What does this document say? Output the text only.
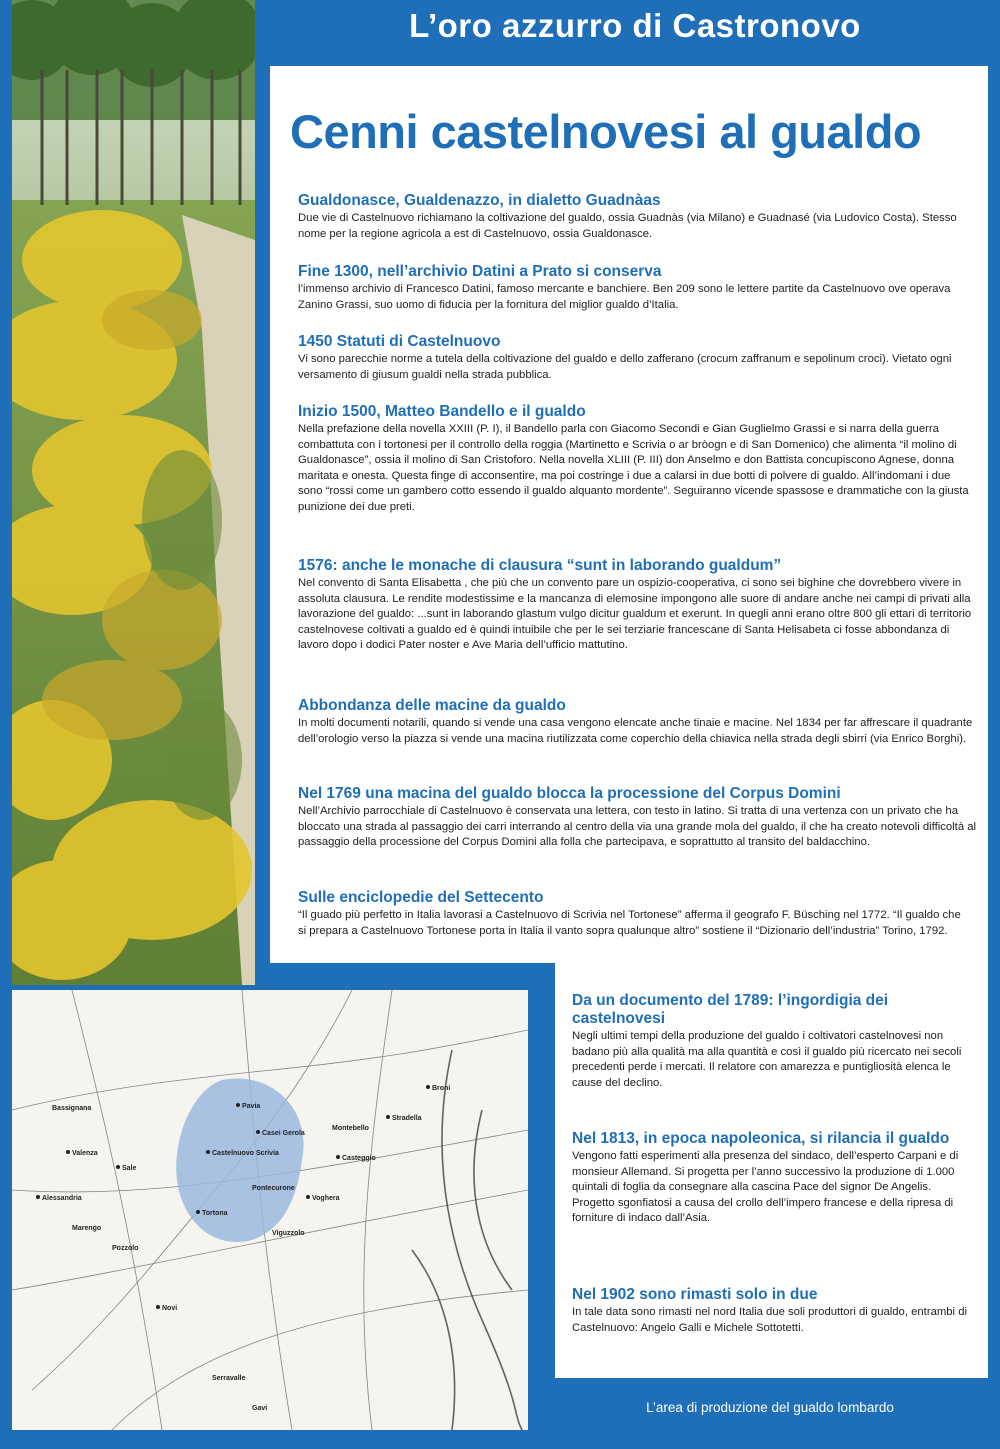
L’oro azzurro di Castronovo
Cenni castelnovesi al gualdo
Gualdonasce, Gualdenazzo, in dialetto Guadnàas

Due vie di Castelnuovo richiamano la coltivazione del gualdo, ossia Guadnàs (via Milano) e Guadnasé (via Ludovico Costa). Stesso nome per la regione agricola a est di Castelnuovo, ossia Gualdonasce.

Fine 1300, nell’archivio Datini a Prato si conserva

l’immenso archivio di Francesco Datini, famoso mercante e banchiere. Ben 209 sono le lettere partite da Castelnuovo ove operava Zanino Grassi, suo uomo di fiducia per la fornitura del miglior gualdo d’Italia.

1450 Statuti di Castelnuovo

Vi sono parecchie norme a tutela della coltivazione del gualdo e dello zafferano (crocum zaffranum e sepolinum croci). Vietato ogni versamento di giusum gualdi nella strada pubblica.

Inizio 1500, Matteo Bandello e il gualdo

Nella prefazione della novella XXIII (P. I), il Bandello parla con Giacomo Secondi e Gian Guglielmo Grassi e si narra della guerra combattuta con i tortonesi per il controllo della roggia (Martinetto e Scrivia o ar bròogn e di San Domenico) che alimenta “il molino di Gualdonasce”, ossia il molino di San Cristoforo. Nella novella XLIII (P. III) don Anselmo e don Battista concupiscono Agnese, donna maritata e onesta. Questa finge di acconsentire, ma poi costringe i due a calarsi in due botti di polvere di gualdo. All’indomani i due sono “rossi come un gambero cotto essendo il gualdo alquanto mordente”. Seguiranno vicende spassose e drammatiche con la giusta punizione dei due preti.

1576: anche le monache di clausura “sunt in laborando gualdum”

Nel convento di Santa Elisabetta , che più che un convento pare un ospizio-cooperativa, ci sono sei bighine che dovrebbero vivere in assoluta clausura. Le rendite modestissime e la mancanza di elemosine impongono alle suore di andare anche nei campi di privati alla lavorazione del gualdo: ...sunt in laborando glastum vulgo dicitur gualdum et exerunt. In quegli anni erano oltre 800 gli ettari di territorio castelnovese coltivati a gualdo ed è quindi intuibile che per le sei terziarie francescane di Santa Helisabeta ci fosse abbondanza di lavoro dopo i dodici Pater noster e Ave Maria dell’ufficio mattutino.

Abbondanza delle macine da gualdo

In molti documenti notarili, quando si vende una casa vengono elencate anche tinaie e macine. Nel 1834 per far affrescare il quadrante dell’orologio verso la piazza si vende una macina riutilizzata come coperchio della chiavica nella strada degli sbirri (via Enrico Borghi).

Nel 1769 una macina del gualdo blocca la processione del Corpus Domini

Nell’Archivio parrocchiale di Castelnuovo è conservata una lettera, con testo in latino. Si tratta di una vertenza con un privato che ha bloccato una strada al passaggio dei carri interrando al centro della via una grande mola del gualdo, il che ha creato notevoli difficoltà al passaggio della processione del Corpus Domini alla folla che partecipava, e soprattutto al transito del baldacchino.

Sulle enciclopedie del Settecento

“Il guado più perfetto in Italia lavorasi a Castelnuovo di Scrivia nel Tortonese” afferma il geografo F. Büsching nel 1772. “Il gualdo che si prepara a Castelnuovo Tortonese porta in Italia il vanto sopra qualunque altro” sostiene il “Dizionario dell’industria” Torino, 1792.

Da un documento del 1789: l’ingordigia dei castelnovesi

Negli ultimi tempi della produzione del gualdo i coltivatori castelnovesi non badano più alla qualità ma alla quantità e così il gualdo più ricercato nei secoli precedenti perde i mercati. Il relatore con amarezza e puntigliosità elenca le cause del declino.

Nel 1813, in epoca napoleonica, si rilancia il gualdo

Vengono fatti esperimenti alla presenza del sindaco, dell’esperto Carpani e di monsieur Allemand. Si progetta per l’anno successivo la produzione di 1.000 quintali di foglia da consegnare alla cascina Pace del signor De Angelis. Progetto sgonfiatosi a causa del crollo dell’impero francese e della ripresa di forniture di indaco dall’Asia.

Nel 1902 sono rimasti solo in due

In tale data sono rimasti nel nord Italia due soli produttori di gualdo, entrambi di Castelnuovo: Angelo Galli e Michele Sottotetti.

Pavia
Voghera
Tortona
Alessandria
Valenza
Sale
Castelnuovo Scrivia
Casei Gerola
Pontecurone
Viguzzolo
Novi
Serravalle
Broni
Stradella
Casteggio
Montebello
Pozzolo
Marengo
Bassignana
Gavi	L’area di produzione del gualdo lombardo
